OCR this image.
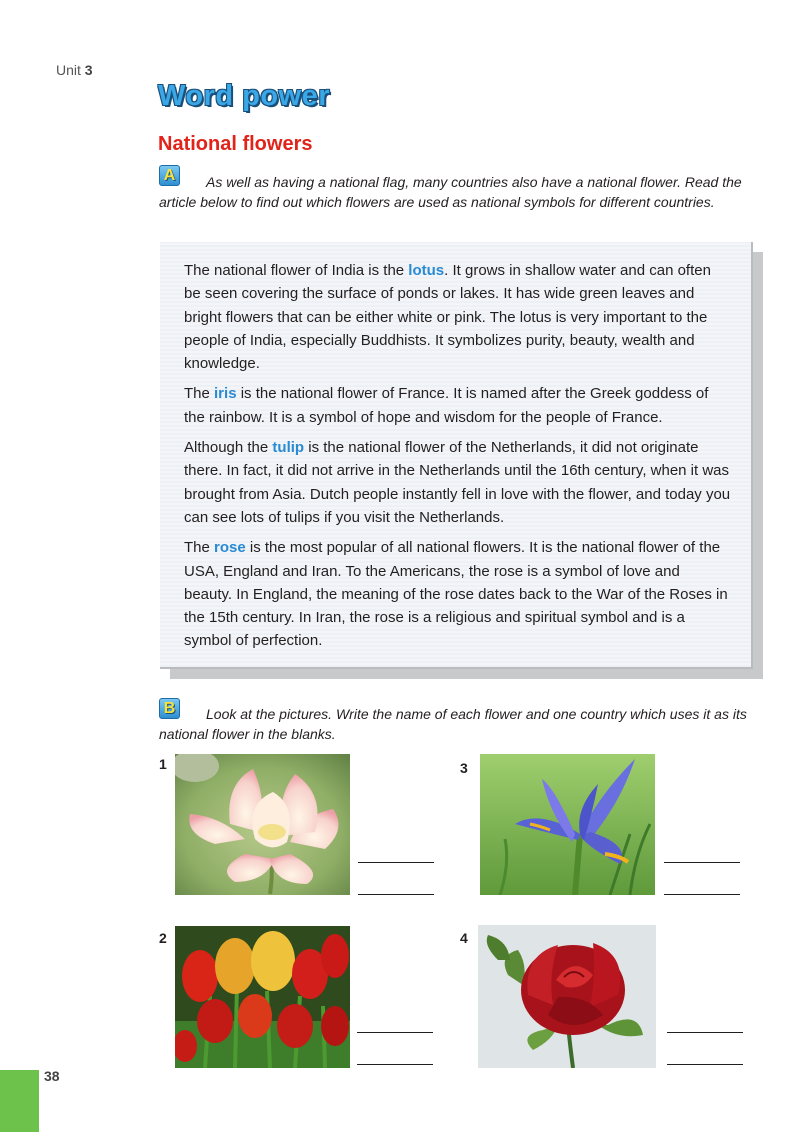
Unit 3
Word power
National flowers
A	As well as having a national flag, many countries also have a national flower. Read the article below to find out which flowers are used as national symbols for different countries.

The national flower of India is the lotus. It grows in shallow water and can often be seen covering the surface of ponds or lakes. It has wide green leaves and bright flowers that can be either white or pink. The lotus is very important to the people of India, especially Buddhists. It symbolizes purity, beauty, wealth and knowledge.

The iris is the national flower of France. It is named after the Greek goddess of the rainbow. It is a symbol of hope and wisdom for the people of France.

Although the tulip is the national flower of the Netherlands, it did not originate there. In fact, it did not arrive in the Netherlands until the 16th century, when it was brought from Asia. Dutch people instantly fell in love with the flower, and today you can see lots of tulips if you visit the Netherlands.

The rose is the most popular of all national flowers. It is the national flower of the USA, England and Iran. To the Americans, the rose is a symbol of love and beauty. In England, the meaning of the rose dates back to the War of the Roses in the 15th century. In Iran, the rose is a religious and spiritual symbol and is a symbol of perfection.

B	Look at the pictures. Write the name of each flower and one country which uses it as its national flower in the blanks.
1	3
2	4
38
